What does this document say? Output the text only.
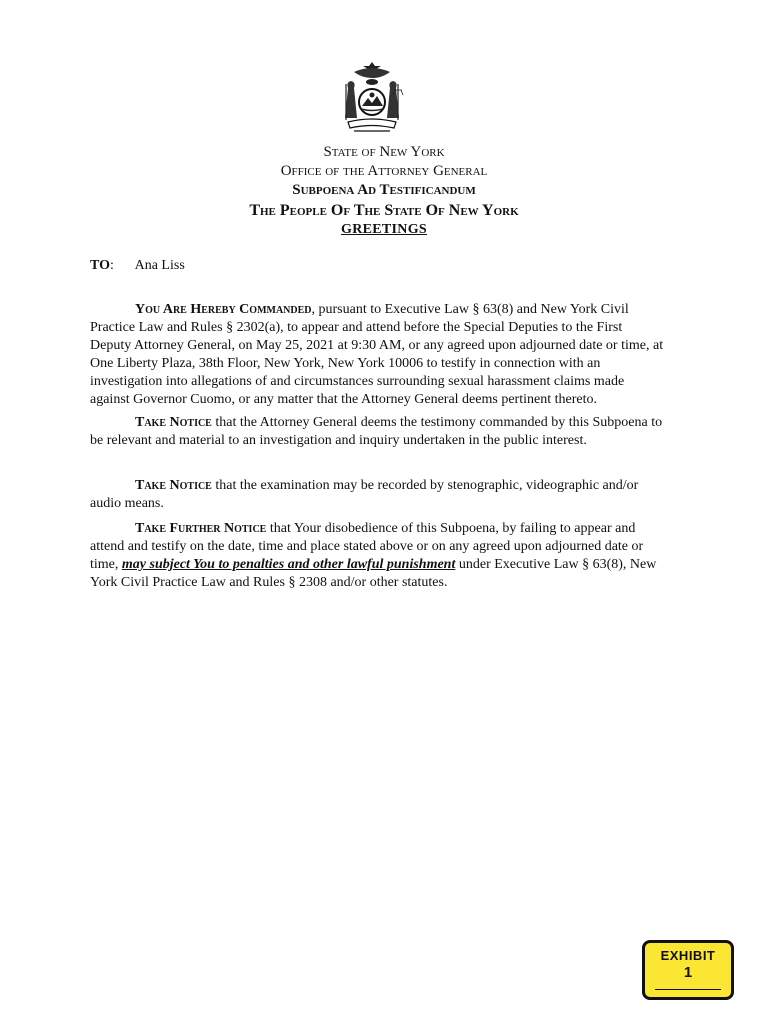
State of New York
Office of the Attorney General
Subpoena Ad Testificandum
The People Of The State Of New York
GREETINGS
TO: Ana Liss
You Are Hereby Commanded, pursuant to Executive Law § 63(8) and New York Civil Practice Law and Rules § 2302(a), to appear and attend before the Special Deputies to the First Deputy Attorney General, on May 25, 2021 at 9:30 AM, or any agreed upon adjourned date or time, at One Liberty Plaza, 38th Floor, New York, New York 10006 to testify in connection with an investigation into allegations of and circumstances surrounding sexual harassment claims made against Governor Cuomo, or any matter that the Attorney General deems pertinent thereto.
Take Notice that the Attorney General deems the testimony commanded by this Subpoena to be relevant and material to an investigation and inquiry undertaken in the public interest.
Take Notice that the examination may be recorded by stenographic, videographic and/or audio means.
Take Further Notice that Your disobedience of this Subpoena, by failing to appear and attend and testify on the date, time and place stated above or on any agreed upon adjourned date or time, may subject You to penalties and other lawful punishment under Executive Law § 63(8), New York Civil Practice Law and Rules § 2308 and/or other statutes.
EXHIBIT
1
